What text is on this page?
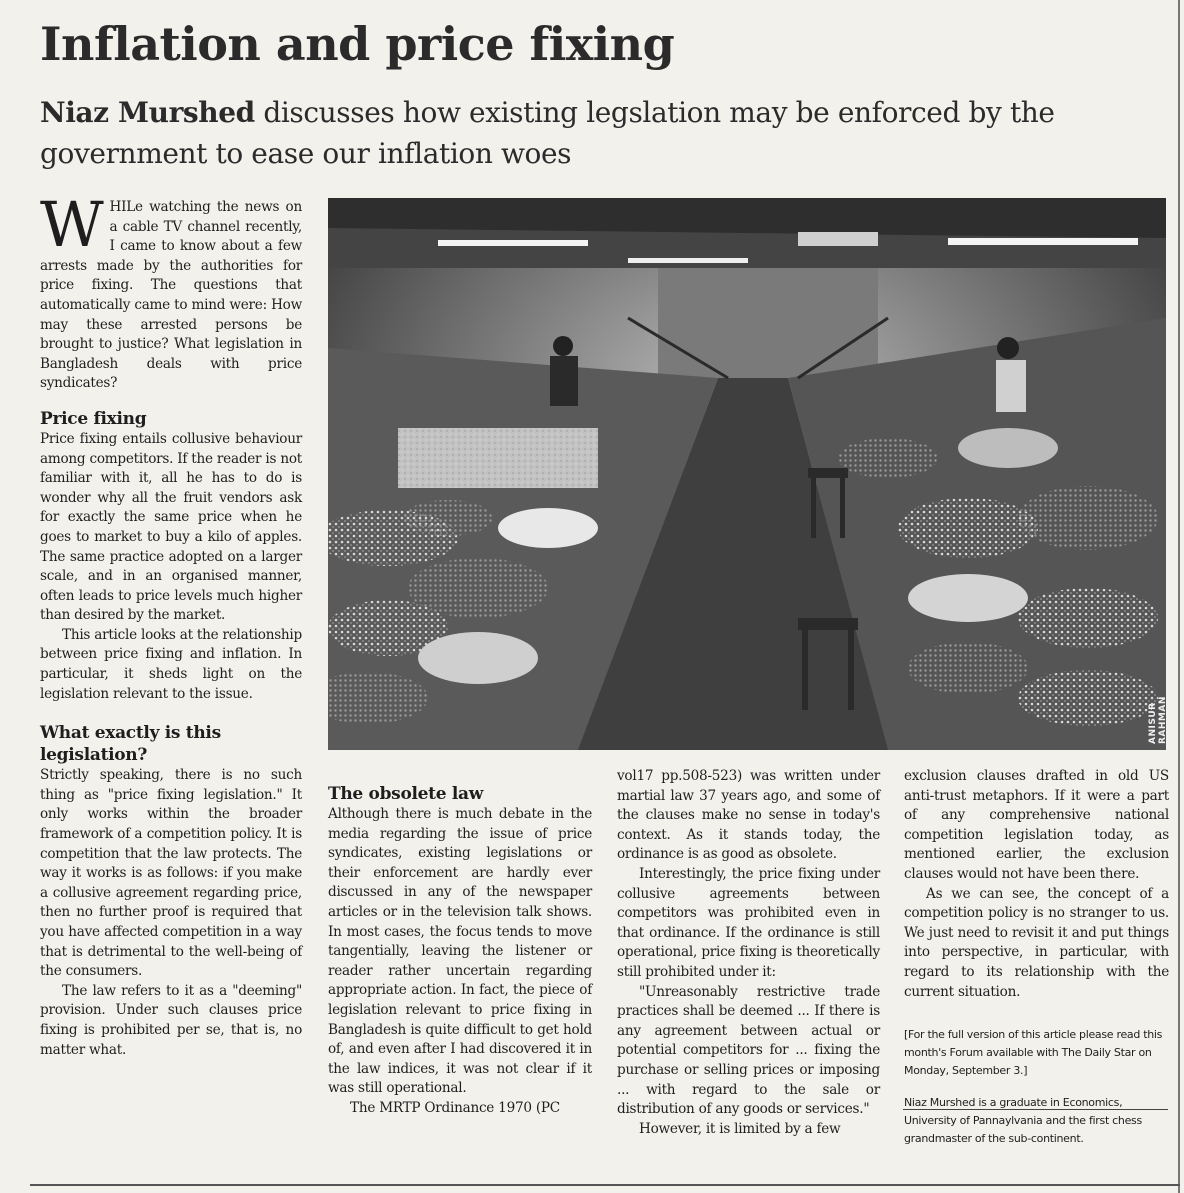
Inflation and price fixing

Niaz Murshed discusses how existing legslation may be enforced by the government to ease our inflation woes

W HILe watching the news on a cable TV channel recently, I came to know about a few arrests made by the authorities for price fixing. The questions that automatically came to mind were: How may these arrested persons be brought to justice? What legislation in Bangladesh deals with price syndicates?

Price fixing

Price fixing entails collusive behaviour among competitors. If the reader is not familiar with it, all he has to do is wonder why all the fruit vendors ask for exactly the same price when he goes to market to buy a kilo of apples. The same practice adopted on a larger scale, and in an organised manner, often leads to price levels much higher than desired by the market.

This article looks at the relationship between price fixing and inflation. In particular, it sheds light on the legislation relevant to the issue.

What exactly is this legislation?

Strictly speaking, there is no such thing as "price fixing legislation." It only works within the broader framework of a competition policy. It is competition that the law protects. The way it works is as follows: if you make a collusive agreement regarding price, then no further proof is required that you have affected competition in a way that is detrimental to the well-being of the consumers.

The law refers to it as a "deeming" provision. Under such clauses price fixing is prohibited per se, that is, no matter what.

ANISUR RAHMAN
The obsolete law

Although there is much debate in the media regarding the issue of price syndicates, existing legislations or their enforcement are hardly ever discussed in any of the newspaper articles or in the television talk shows. In most cases, the focus tends to move tangentially, leaving the listener or reader rather uncertain regarding appropriate action. In fact, the piece of legislation relevant to price fixing in Bangladesh is quite difficult to get hold of, and even after I had discovered it in the law indices, it was not clear if it was still operational.

The MRTP Ordinance 1970 (PC

vol17 pp.508-523) was written under martial law 37 years ago, and some of the clauses make no sense in today's context. As it stands today, the ordinance is as good as obsolete.

Interestingly, the price fixing under collusive agreements between competitors was prohibited even in that ordinance. If the ordinance is still operational, price fixing is theoretically still prohibited under it:

"Unreasonably restrictive trade practices shall be deemed ... If there is any agreement between actual or potential competitors for ... fixing the purchase or selling prices or imposing ... with regard to the sale or distribution of any goods or services."

However, it is limited by a few

exclusion clauses drafted in old US anti-trust metaphors. If it were a part of any comprehensive national competition legislation today, as mentioned earlier, the exclusion clauses would not have been there.

As we can see, the concept of a competition policy is no stranger to us. We just need to revisit it and put things into perspective, in particular, with regard to its relationship with the current situation.

[For the full version of this article please read this month's Forum available with The Daily Star on Monday, September 3.]

Niaz Murshed is a graduate in Economics, University of Pannaylvania and the first chess grandmaster of the sub-continent.
